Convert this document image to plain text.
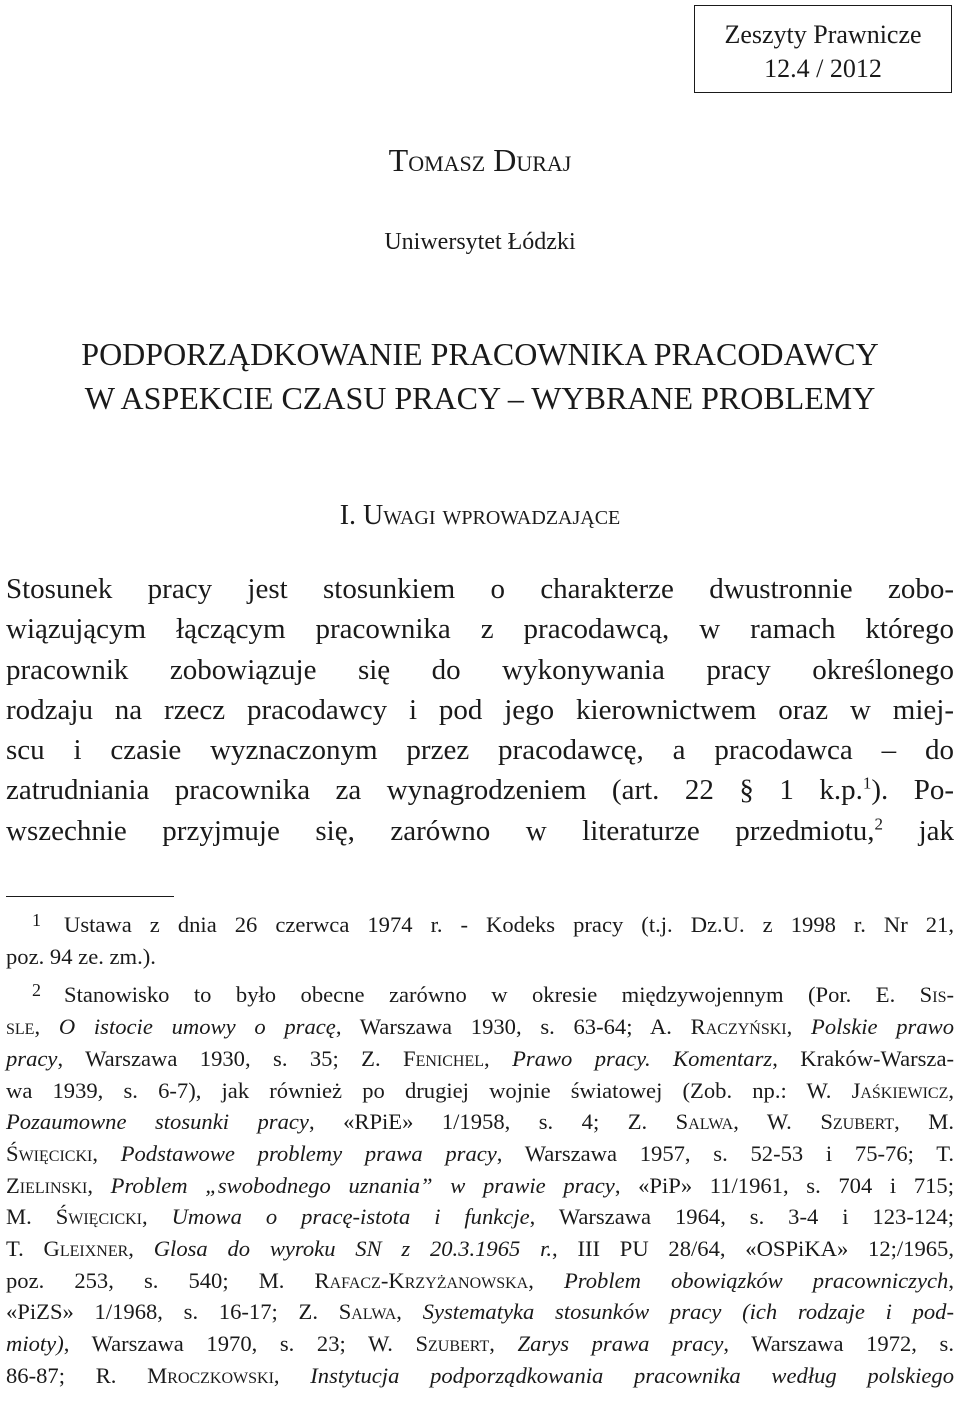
Zeszyty Prawnicze
12.4 / 2012
Tomasz Duraj
Uniwersytet Łódzki
PODPORZĄDKOWANIE PRACOWNIKA PRACODAWCY
W ASPEKCIE CZASU PRACY – WYBRANE PROBLEMY
I. Uwagi wprowadzające
Stosunek pracy jest stosunkiem o charakterze dwustronnie zobo-
wiązującym łączącym pracownika z pracodawcą, w ramach którego
pracownik zobowiązuje się do wykonywania pracy określonego
rodzaju na rzecz pracodawcy i pod jego kierownictwem oraz w miej-
scu i czasie wyznaczonym przez pracodawcę, a pracodawca – do
zatrudniania pracownika za wynagrodzeniem (art. 22 § 1 k.p.$^1$). Po-
wszechnie przyjmuje się, zarówno w literaturze przedmiotu,$^2$ jak
1 Ustawa z dnia 26 czerwca 1974 r. - Kodeks pracy (t.j. Dz.U. z 1998 r. Nr 21,
poz. 94 ze. zm.).
2 Stanowisko to było obecne zarówno w okresie międzywojennym (Por. E. Sis-
sle, O istocie umowy o pracę, Warszawa 1930, s. 63-64; A. Raczyński, Polskie prawo
pracy, Warszawa 1930, s. 35; Z. Fenichel, Prawo pracy. Komentarz, Kraków-Warsza-
wa 1939, s. 6-7), jak również po drugiej wojnie światowej (Zob. np.: W. Jaśkiewicz,
Pozaumowne stosunki pracy, «RPiE» 1/1958, s. 4; Z. Salwa, W. Szubert, M.
Święcicki, Podstawowe problemy prawa pracy, Warszawa 1957, s. 52-53 i 75-76; T.
Zielinski, Problem „swobodnego uznania” w prawie pracy, «PiP» 11/1961, s. 704 i 715;
M. Święcicki, Umowa o pracę-istota i funkcje, Warszawa 1964, s. 3-4 i 123-124;
T. Gleixner, Glosa do wyroku SN z 20.3.1965 r., III PU 28/64, «OSPiKA» 12;/1965,
poz. 253, s. 540; M. Rafacz-Krzyżanowska, Problem obowiązków pracowniczych,
«PiZS» 1/1968, s. 16-17; Z. Salwa, Systematyka stosunków pracy (ich rodzaje i pod-
mioty), Warszawa 1970, s. 23; W. Szubert, Zarys prawa pracy, Warszawa 1972, s.
86-87; R. Mroczkowski, Instytucja podporządkowania pracownika według polskiego
